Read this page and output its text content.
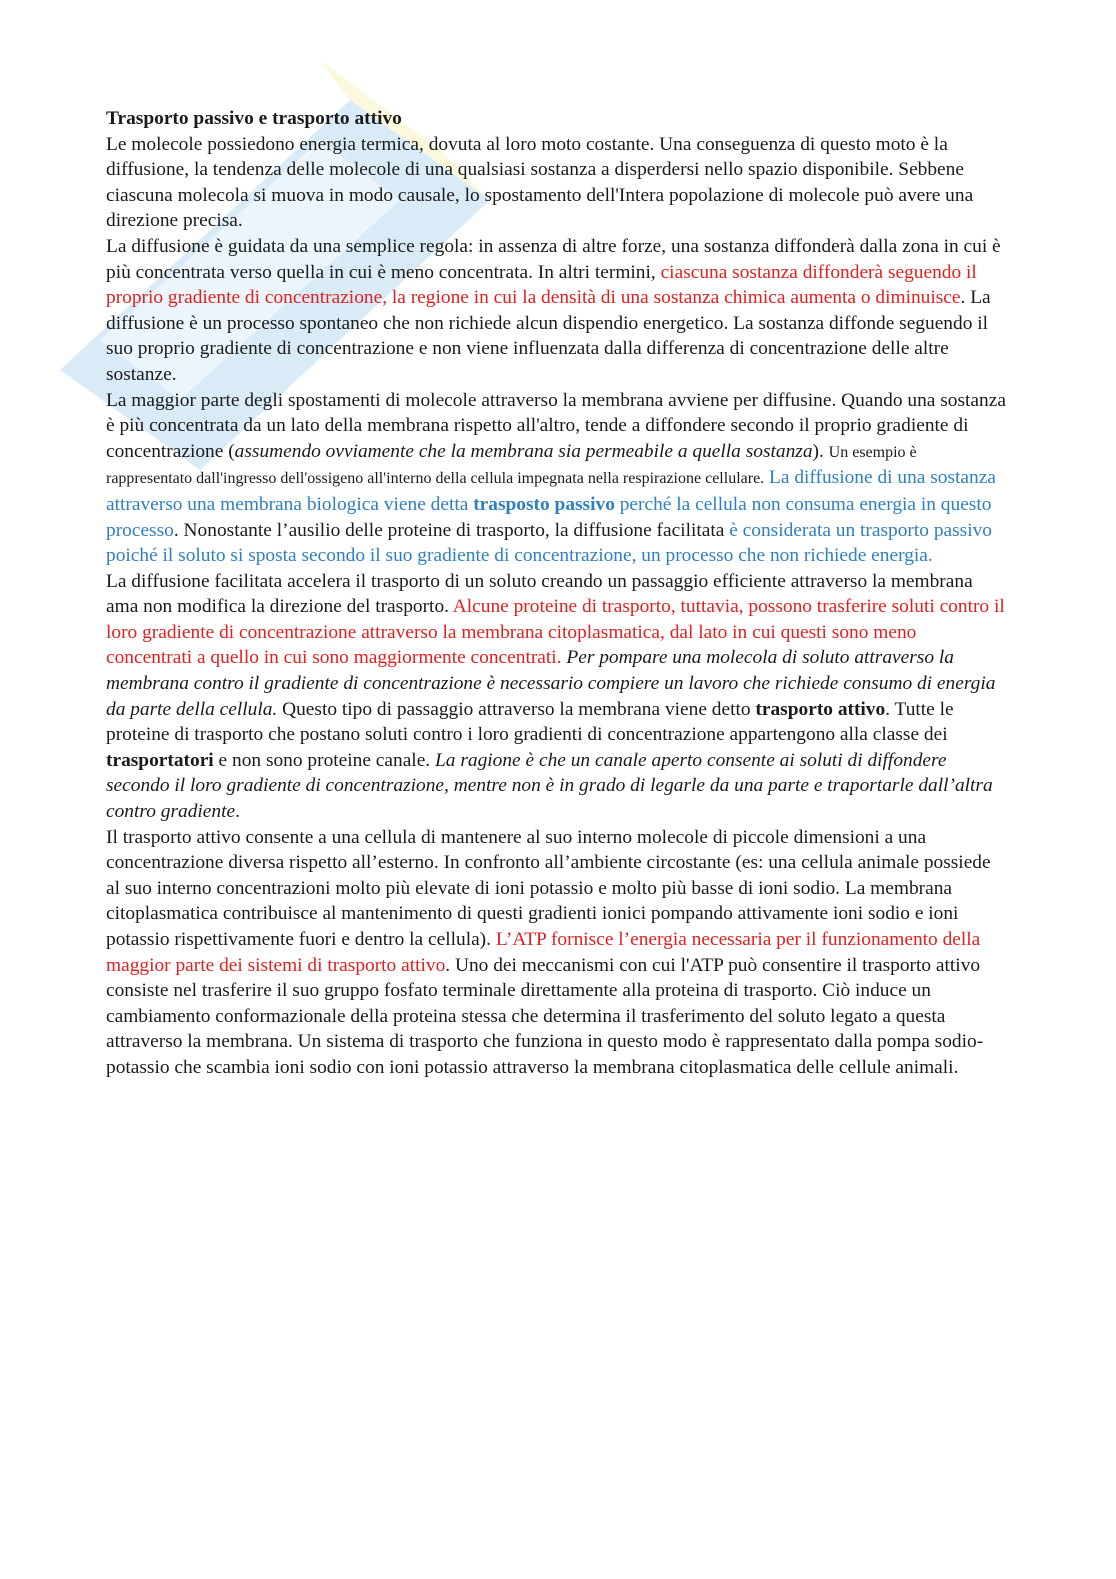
Trasporto passivo e trasporto attivo

Le molecole possiedono energia termica, dovuta al loro moto costante. Una conseguenza di questo moto è la diffusione, la tendenza delle molecole di una qualsiasi sostanza a disperdersi nello spazio disponibile. Sebbene ciascuna molecola si muova in modo causale, lo spostamento dell'Intera popolazione di molecole può avere una direzione precisa.

La diffusione è guidata da una semplice regola: in assenza di altre forze, una sostanza diffonderà dalla zona in cui è più concentrata verso quella in cui è meno concentrata. In altri termini, ciascuna sostanza diffonderà seguendo il proprio gradiente di concentrazione, la regione in cui la densità di una sostanza chimica aumenta o diminuisce. La diffusione è un processo spontaneo che non richiede alcun dispendio energetico. La sostanza diffonde seguendo il suo proprio gradiente di concentrazione e non viene influenzata dalla differenza di concentrazione delle altre sostanze.

La maggior parte degli spostamenti di molecole attraverso la membrana avviene per diffusine. Quando una sostanza è più concentrata da un lato della membrana rispetto all'altro, tende a diffondere secondo il proprio gradiente di concentrazione (assumendo ovviamente che la membrana sia permeabile a quella sostanza). Un esempio è rappresentato dall'ingresso dell'ossigeno all'interno della cellula impegnata nella respirazione cellulare. La diffusione di una sostanza attraverso una membrana biologica viene detta trasposto passivo perché la cellula non consuma energia in questo processo. Nonostante l’ausilio delle proteine di trasporto, la diffusione facilitata è considerata un trasporto passivo poiché il soluto si sposta secondo il suo gradiente di concentrazione, un processo che non richiede energia.

La diffusione facilitata accelera il trasporto di un soluto creando un passaggio efficiente attraverso la membrana ama non modifica la direzione del trasporto. Alcune proteine di trasporto, tuttavia, possono trasferire soluti contro il loro gradiente di concentrazione attraverso la membrana citoplasmatica, dal lato in cui questi sono meno concentrati a quello in cui sono maggiormente concentrati. Per pompare una molecola di soluto attraverso la membrana contro il gradiente di concentrazione è necessario compiere un lavoro che richiede consumo di energia da parte della cellula. Questo tipo di passaggio attraverso la membrana viene detto trasporto attivo. Tutte le proteine di trasporto che postano soluti contro i loro gradienti di concentrazione appartengono alla classe dei trasportatori e non sono proteine canale. La ragione è che un canale aperto consente ai soluti di diffondere secondo il loro gradiente di concentrazione, mentre non è in grado di legarle da una parte e traportarle dall’altra contro gradiente.

Il trasporto attivo consente a una cellula di mantenere al suo interno molecole di piccole dimensioni a una concentrazione diversa rispetto all’esterno. In confronto all’ambiente circostante (es: una cellula animale possiede al suo interno concentrazioni molto più elevate di ioni potassio e molto più basse di ioni sodio. La membrana citoplasmatica contribuisce al mantenimento di questi gradienti ionici pompando attivamente ioni sodio e ioni potassio rispettivamente fuori e dentro la cellula). L’ATP fornisce l’energia necessaria per il funzionamento della maggior parte dei sistemi di trasporto attivo. Uno dei meccanismi con cui l'ATP può consentire il trasporto attivo consiste nel trasferire il suo gruppo fosfato terminale direttamente alla proteina di trasporto. Ciò induce un cambiamento conformazionale della proteina stessa che determina il trasferimento del soluto legato a questa attraverso la membrana. Un sistema di trasporto che funziona in questo modo è rappresentato dalla pompa sodio-potassio che scambia ioni sodio con ioni potassio attraverso la membrana citoplasmatica delle cellule animali.
